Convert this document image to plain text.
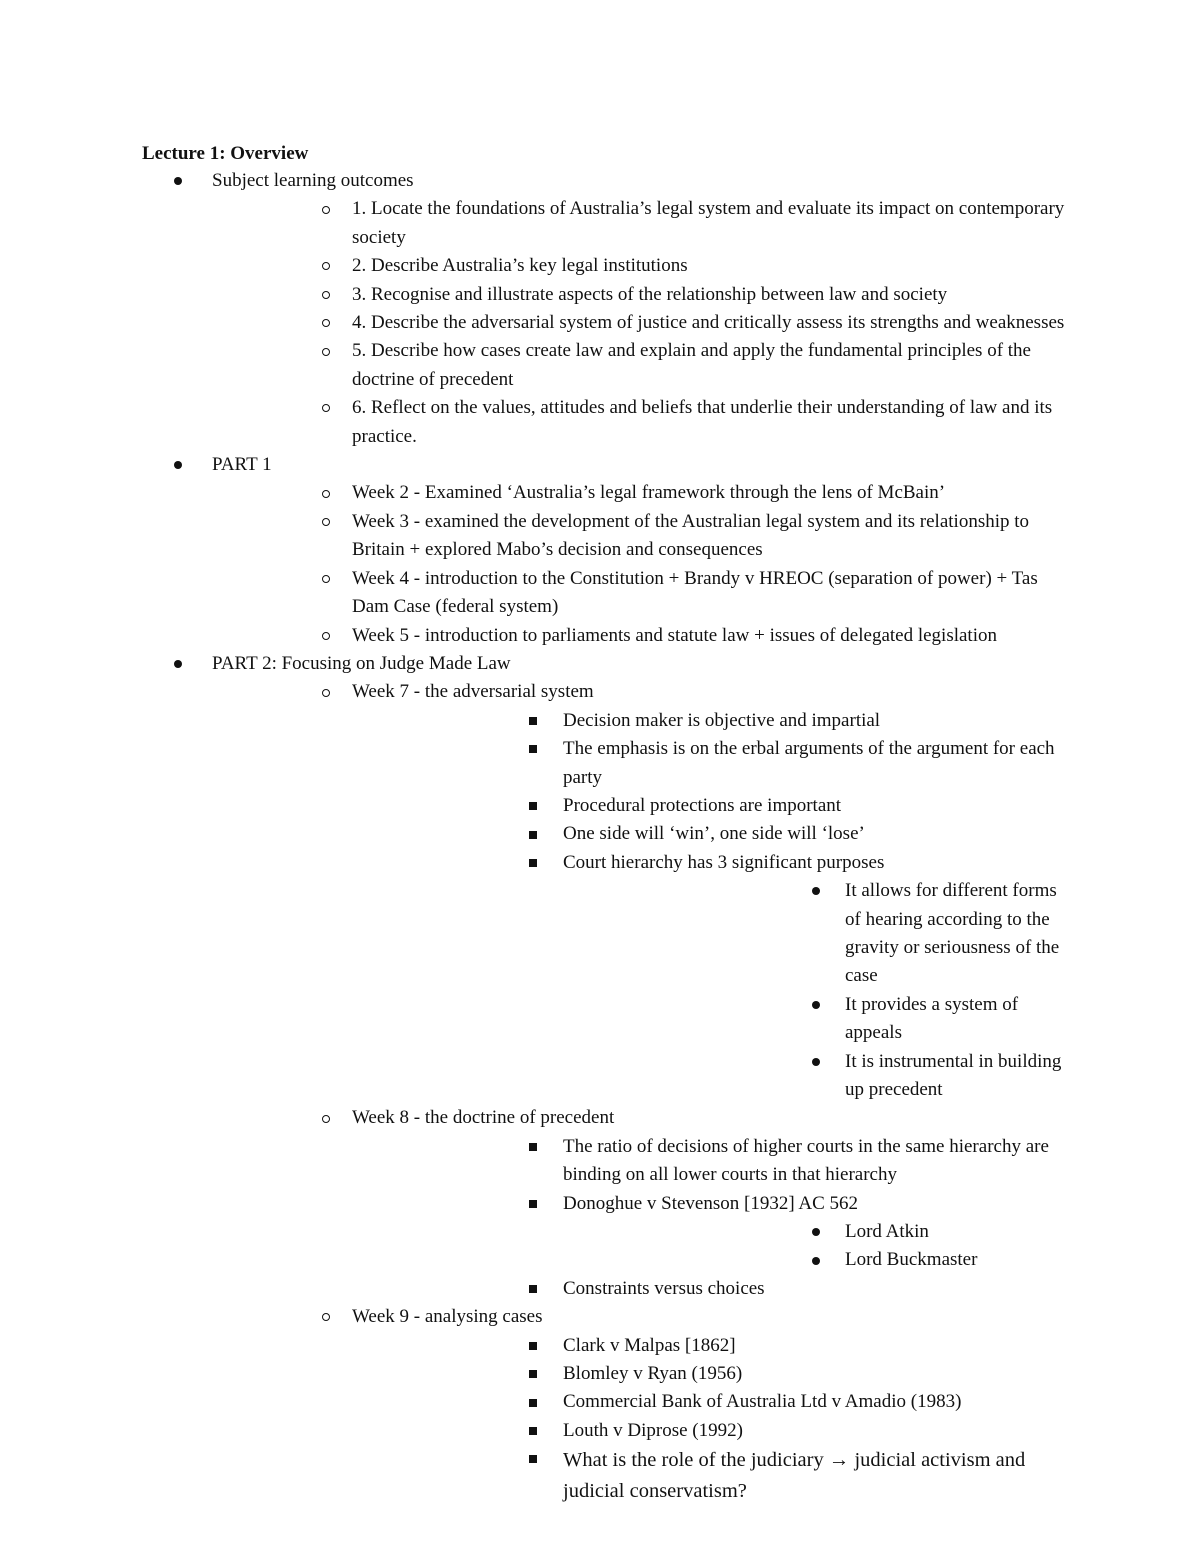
Lecture 1: Overview

Subject learning outcomes
1. Locate the foundations of Australia’s legal system and evaluate its impact on contemporary society
2. Describe Australia’s key legal institutions
3. Recognise and illustrate aspects of the relationship between law and society
4. Describe the adversarial system of justice and critically assess its strengths and weaknesses
5. Describe how cases create law and explain and apply the fundamental principles of the doctrine of precedent
6. Reflect on the values, attitudes and beliefs that underlie their understanding of law and its practice.
PART 1
Week 2 - Examined ‘Australia’s legal framework through the lens of McBain’
Week 3 - examined the development of the Australian legal system and its relationship to Britain + explored Mabo’s decision and consequences
Week 4 - introduction to the Constitution + Brandy v HREOC (separation of power) + Tas Dam Case (federal system)
Week 5 - introduction to parliaments and statute law + issues of delegated legislation
PART 2: Focusing on Judge Made Law
Week 7 - the adversarial system
Decision maker is objective and impartial
The emphasis is on the erbal arguments of the argument for each party
Procedural protections are important
One side will ‘win’, one side will ‘lose’
Court hierarchy has 3 significant purposes
It allows for different forms of hearing according to the gravity or seriousness of the case
It provides a system of appeals
It is instrumental in building up precedent
Week 8 - the doctrine of precedent
The ratio of decisions of higher courts in the same hierarchy are binding on all lower courts in that hierarchy
Donoghue v Stevenson [1932] AC 562
Lord Atkin
Lord Buckmaster
Constraints versus choices
Week 9 - analysing cases
Clark v Malpas [1862]
Blomley v Ryan (1956)
Commercial Bank of Australia Ltd v Amadio (1983)
Louth v Diprose (1992)
What is the role of the judiciary → judicial activism and judicial conservatism?
